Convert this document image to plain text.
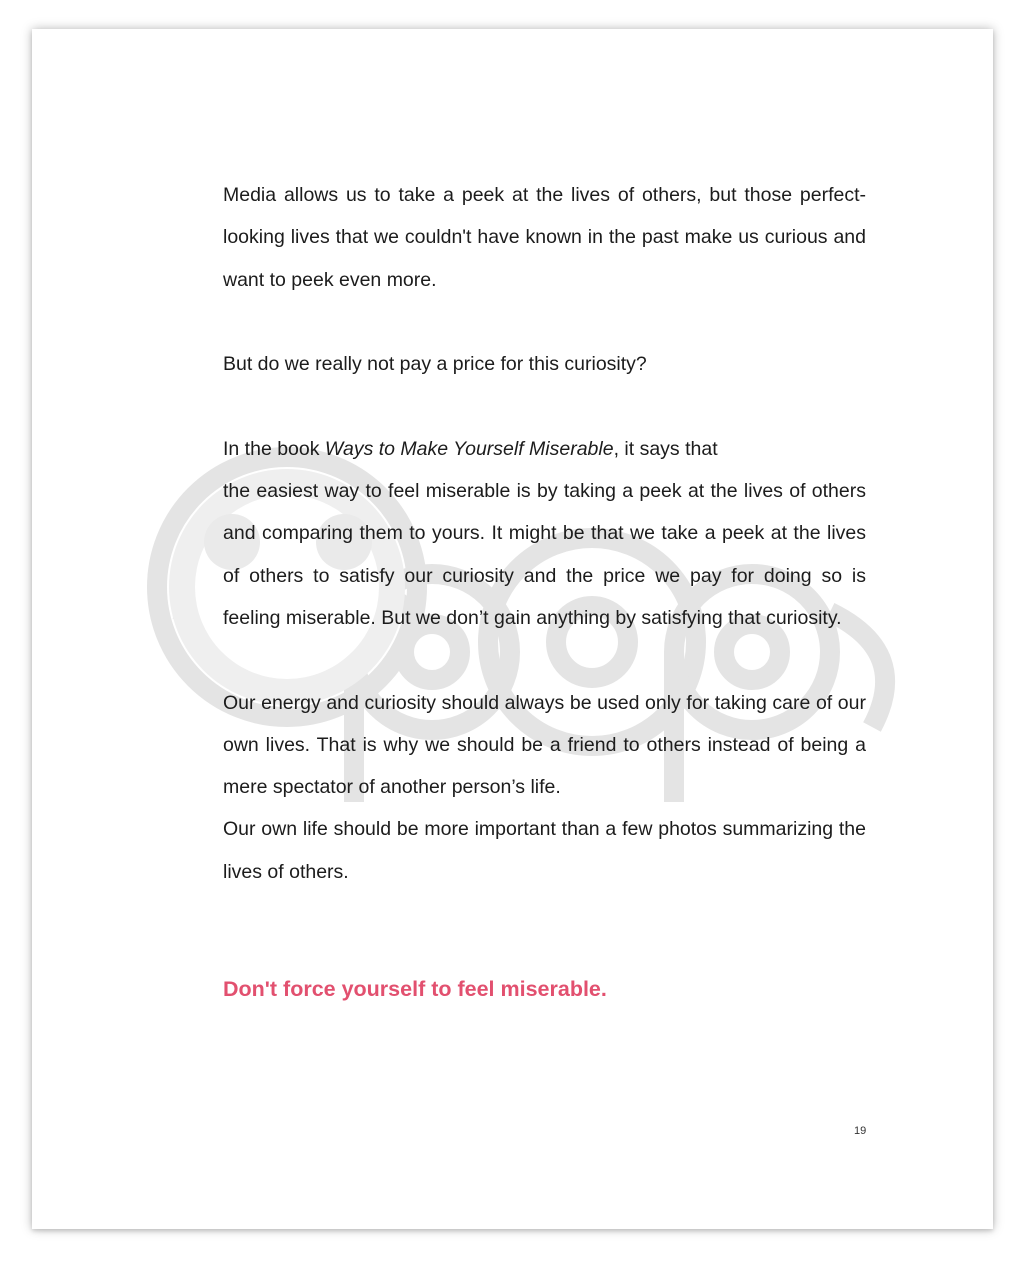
Media allows us to take a peek at the lives of others, but those perfect-looking lives that we couldn't have known in the past make us curious and want to peek even more.

But do we really not pay a price for this curiosity?

In the book Ways to Make Yourself Miserable, it says that

the easiest way to feel miserable is by taking a peek at the lives of others and comparing them to yours. It might be that we take a peek at the lives of others to satisfy our curiosity and the price we pay for doing so is feeling miserable. But we don’t gain anything by satisfying that curiosity.

Our energy and curiosity should always be used only for taking care of our own lives. That is why we should be a friend to others instead of being a mere spectator of another person’s life.

Our own life should be more important than a few photos summarizing the lives of others.

Don't force yourself to feel miserable.

19
